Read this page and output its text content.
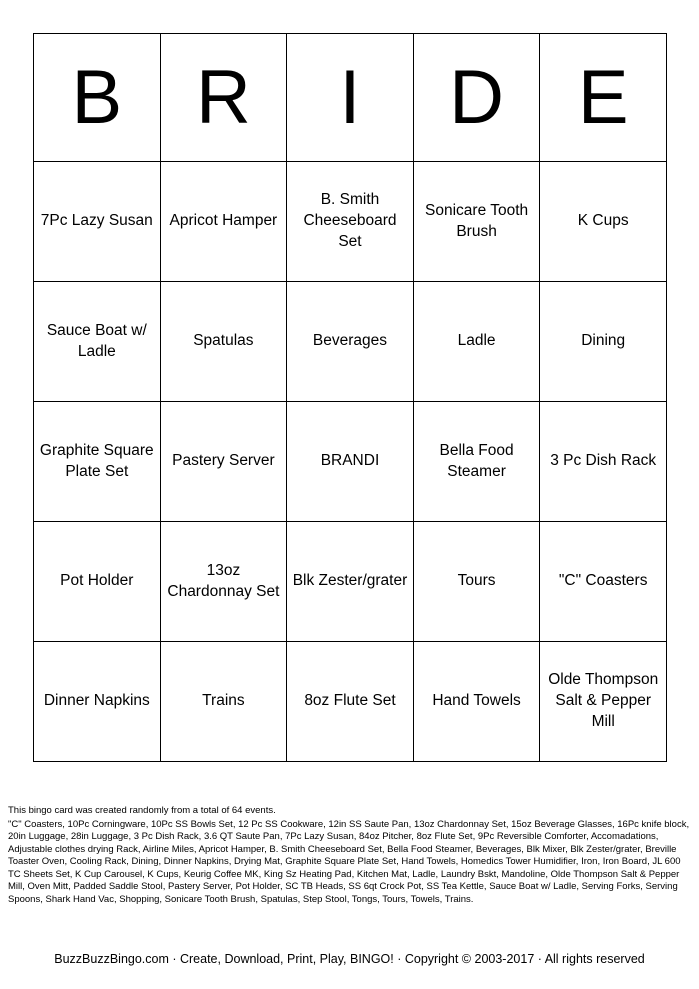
B	R	I	D	E
7Pc Lazy Susan	Apricot Hamper	B. Smith Cheeseboard Set	Sonicare Tooth Brush	K Cups
Sauce Boat w/ Ladle	Spatulas	Beverages	Ladle	Dining
Graphite Square Plate Set	Pastery Server	BRANDI	Bella Food Steamer	3 Pc Dish Rack
Pot Holder	13oz Chardonnay Set	Blk Zester/grater	Tours	"C" Coasters
Dinner Napkins	Trains	8oz Flute Set	Hand Towels	Olde Thompson Salt & Pepper Mill
This bingo card was created randomly from a total of 64 events.
"C" Coasters, 10Pc Corningware, 10Pc SS Bowls Set, 12 Pc SS Cookware, 12in SS Saute Pan, 13oz Chardonnay Set, 15oz Beverage Glasses, 16Pc knife block, 20in Luggage, 28in Luggage, 3 Pc Dish Rack, 3.6 QT Saute Pan, 7Pc Lazy Susan, 84oz Pitcher, 8oz Flute Set, 9Pc Reversible Comforter, Accomadations, Adjustable clothes drying Rack, Airline Miles, Apricot Hamper, B. Smith Cheeseboard Set, Bella Food Steamer, Beverages, Blk Mixer, Blk Zester/grater, Breville Toaster Oven, Cooling Rack, Dining, Dinner Napkins, Drying Mat, Graphite Square Plate Set, Hand Towels, Homedics Tower Humidifier, Iron, Iron Board, JL 600 TC Sheets Set, K Cup Carousel, K Cups, Keurig Coffee MK, King Sz Heating Pad, Kitchen Mat, Ladle, Laundry Bskt, Mandoline, Olde Thompson Salt & Pepper Mill, Oven Mitt, Padded Saddle Stool, Pastery Server, Pot Holder, SC TB Heads, SS 6qt Crock Pot, SS Tea Kettle, Sauce Boat w/ Ladle, Serving Forks, Serving Spoons, Shark Hand Vac, Shopping, Sonicare Tooth Brush, Spatulas, Step Stool, Tongs, Tours, Towels, Trains.
BuzzBuzzBingo.com · Create, Download, Print, Play, BINGO! · Copyright © 2003-2017 · All rights reserved
